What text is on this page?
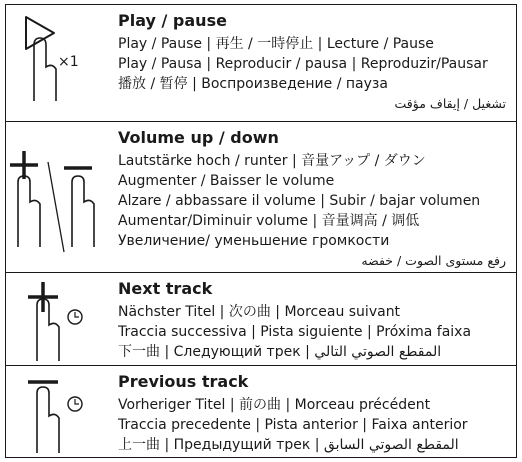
×1
Play / pause
Play / Pause | 再生 / 一時停止 | Lecture / Pause
Play / Pausa | Reproducir / pausa | Reproduzir/Pausar
播放 / 暂停 | Воспроизведение / пауза
تشغيل / إيقاف مؤقت
Volume up / down
Lautstärke hoch / runter | 音量アップ / ダウン
Augmenter / Baisser le volume
Alzare / abbassare il volume | Subir / bajar volumen
Aumentar/Diminuir volume | 音量调高 / 调低
Увеличение/ уменьшение громкости
رفع مستوى الصوت / خفضه
Next track
Nächster Titel | 次の曲 | Morceau suivant
Traccia successiva | Pista siguiente | Próxima faixa
下一曲 | Следующий трек | المقطع الصوتي التالي
Previous track
Vorheriger Titel | 前の曲 | Morceau précédent
Traccia precedente | Pista anterior | Faixa anterior
上一曲 | Предыдущий трек | المقطع الصوتي السابق
